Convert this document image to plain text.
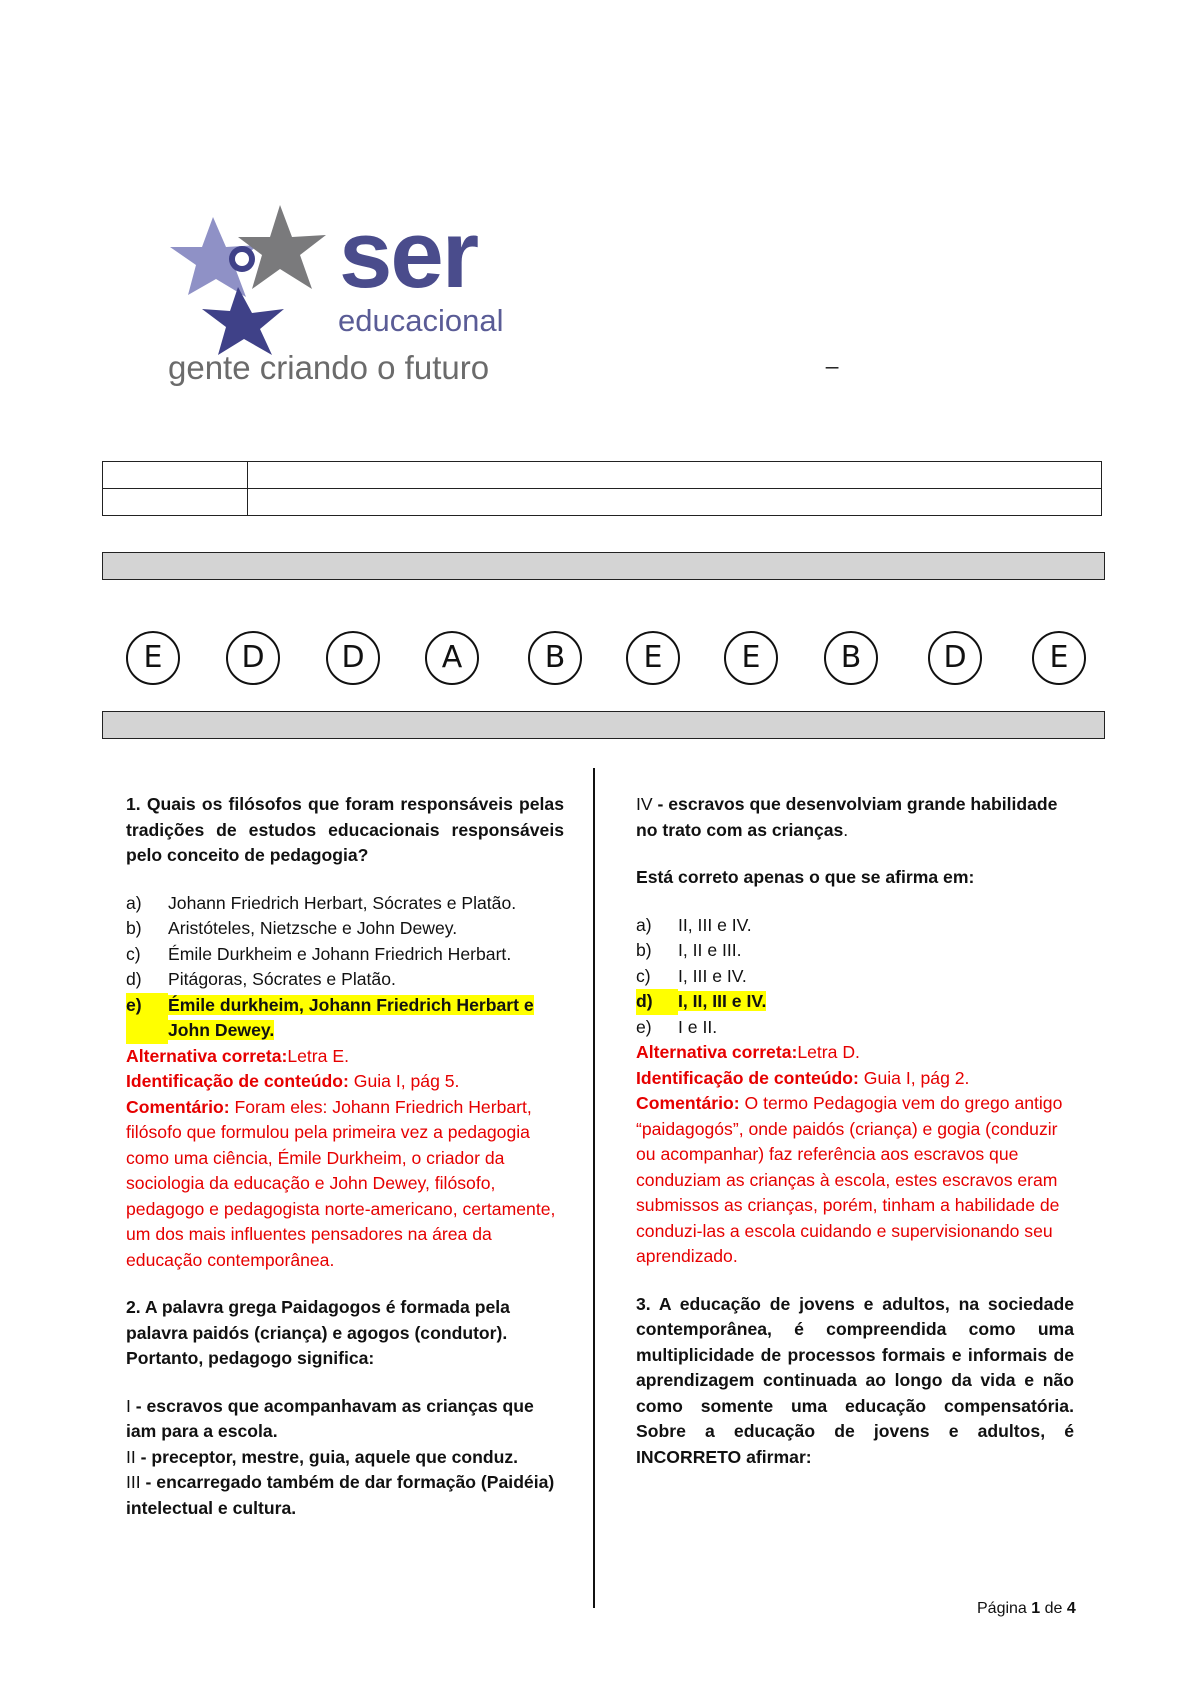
ser
educacional
gente criando o futuro	_

E	D	D	A	B	E	E	B	D	E

1. Quais os filósofos que foram responsáveis pelas tradições de estudos educacionais responsáveis pelo conceito de pedagogia?

a)	Johann Friedrich Herbart, Sócrates e Platão.
b)	Aristóteles, Nietzsche e John Dewey.
c)	Émile Durkheim e Johann Friedrich Herbart.
d)	Pitágoras, Sócrates e Platão.
e)	Émile durkheim, Johann Friedrich Herbart e John Dewey.

Alternativa correta:Letra E.

Identificação de conteúdo: Guia I, pág 5.

Comentário: Foram eles: Johann Friedrich Herbart, filósofo que formulou pela primeira vez a pedagogia como uma ciência, Émile Durkheim, o criador da sociologia da educação e John Dewey, filósofo, pedagogo e pedagogista norte-americano, certamente, um dos mais influentes pensadores na área da educação contemporânea.

2. A palavra grega Paidagogos é formada pela palavra paidós (criança) e agogos (condutor). Portanto, pedagogo significa:

I - escravos que acompanhavam as crianças que iam para a escola.

II - preceptor, mestre, guia, aquele que conduz.

III - encarregado também de dar formação (Paidéia) intelectual e cultura.

IV - escravos que desenvolviam grande habilidade no trato com as crianças.

Está correto apenas o que se afirma em:

a)	II, III e IV.
b)	I, II e III.
c)	I, III e IV.
d)	I, II, III e IV.
e)	I e II.

Alternativa correta:Letra D.

Identificação de conteúdo: Guia I, pág 2.

Comentário: O termo Pedagogia vem do grego antigo “paidagogós”, onde paidós (criança) e gogia (conduzir ou acompanhar) faz referência aos escravos que conduziam as crianças à escola, estes escravos eram submissos as crianças, porém, tinham a habilidade de conduzi-las a escola cuidando e supervisionando seu aprendizado.

3. A educação de jovens e adultos, na sociedade contemporânea, é compreendida como uma multiplicidade de processos formais e informais de aprendizagem continuada ao longo da vida e não como somente uma educação compensatória. Sobre a educação de jovens e adultos, é INCORRETO afirmar:

Página 1 de 4
